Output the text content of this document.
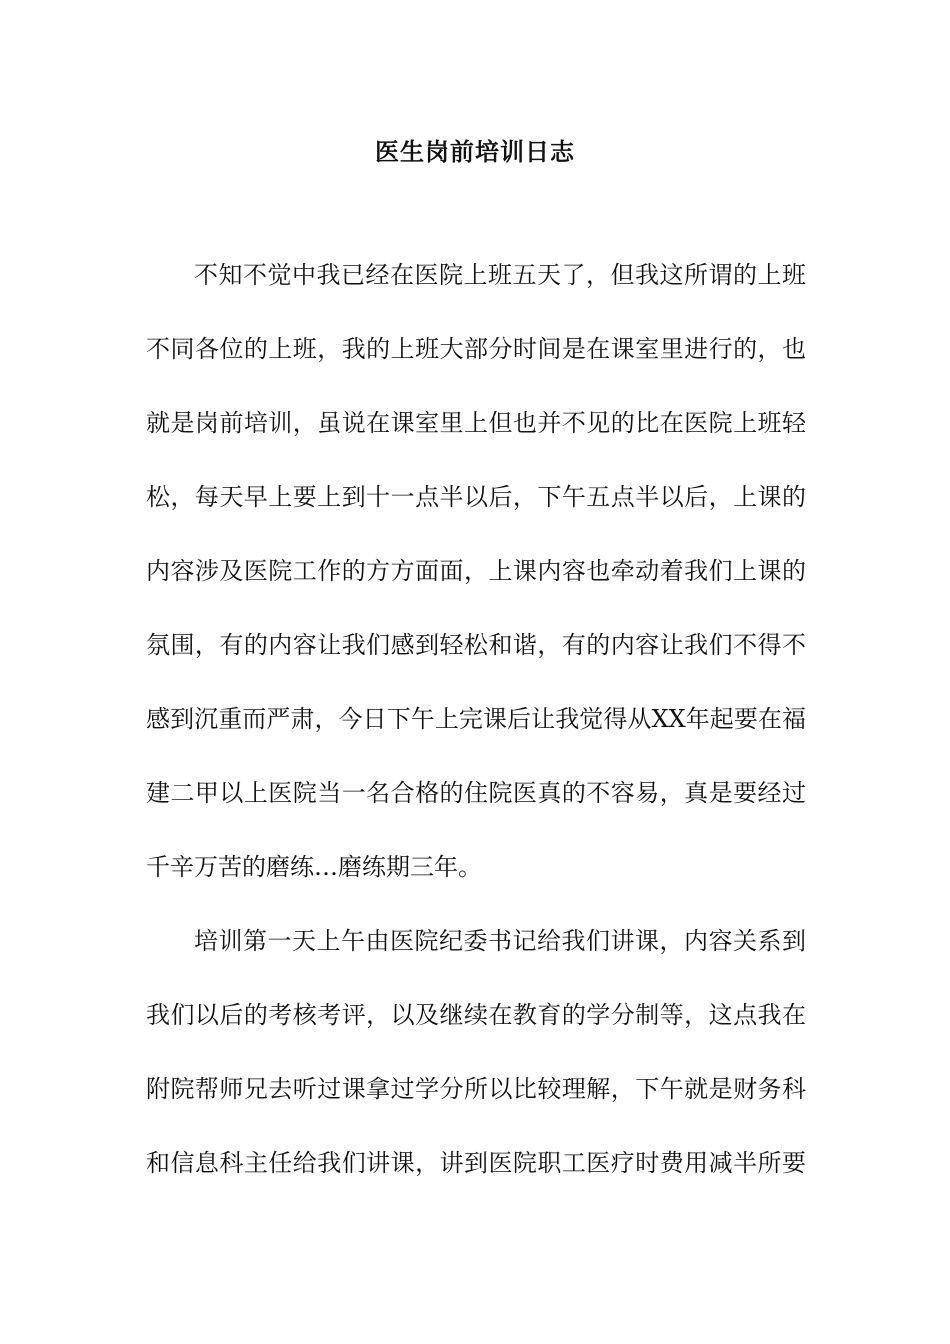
医生岗前培训日志
不知不觉中我已经在医院上班五天了，但我这所谓的上班
不同各位的上班，我的上班大部分时间是在课室里进行的，也
就是岗前培训，虽说在课室里上但也并不见的比在医院上班轻
松，每天早上要上到十一点半以后，下午五点半以后，上课的
内容涉及医院工作的方方面面，上课内容也牵动着我们上课的
氛围，有的内容让我们感到轻松和谐，有的内容让我们不得不
感到沉重而严肃，今日下午上完课后让我觉得从XX年起要在福
建二甲以上医院当一名合格的住院医真的不容易，真是要经过
千辛万苦的磨练…磨练期三年。
培训第一天上午由医院纪委书记给我们讲课，内容关系到
我们以后的考核考评，以及继续在教育的学分制等，这点我在
附院帮师兄去听过课拿过学分所以比较理解，下午就是财务科
和信息科主任给我们讲课，讲到医院职工医疗时费用减半所要
